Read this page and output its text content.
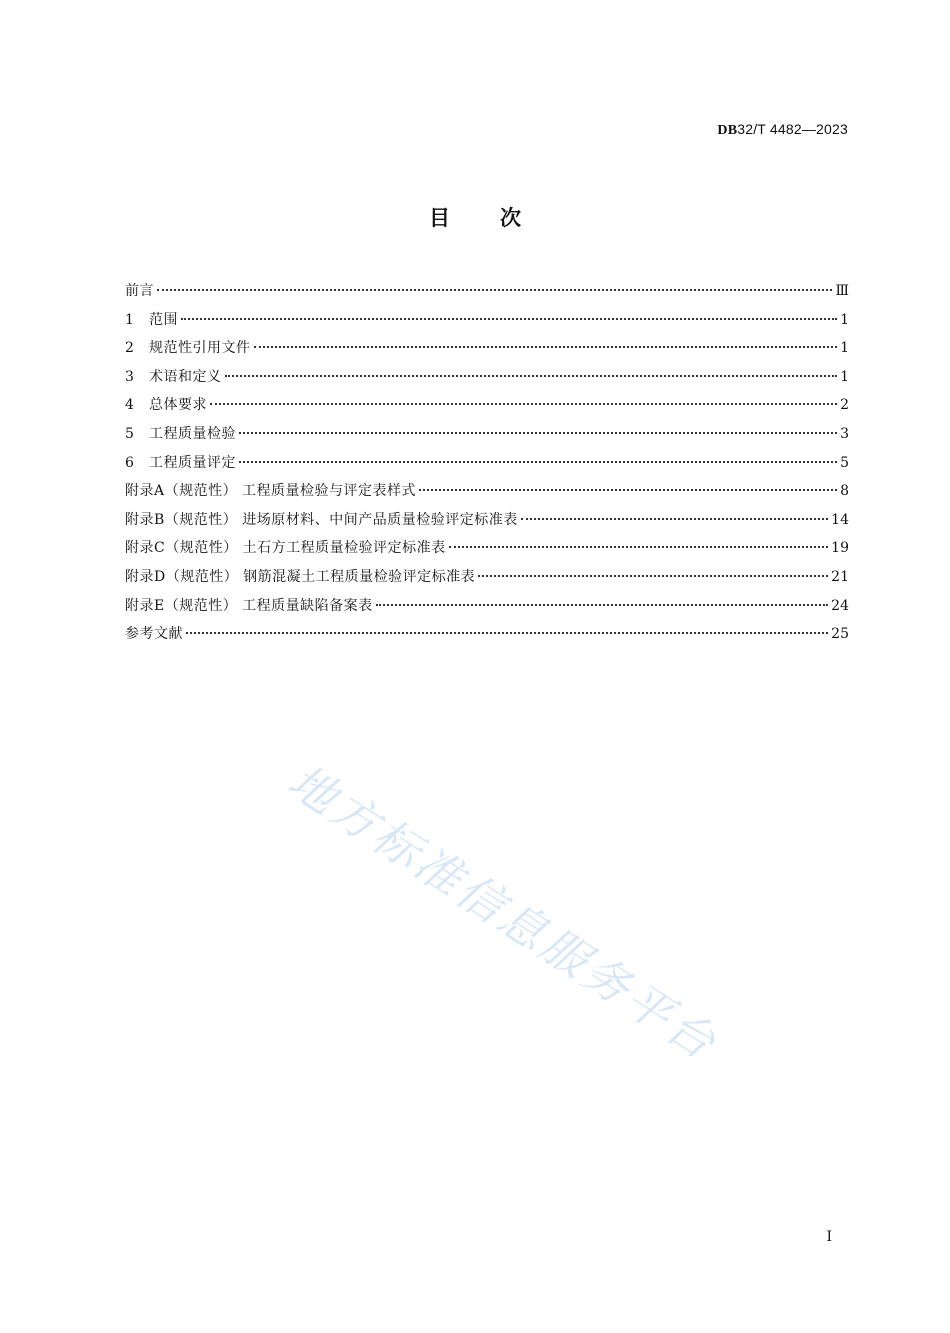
DB32/T 4482—2023
目次
前言	Ⅲ
1	范围	1
2	规范性引用文件	1
3	术语和定义	1
4	总体要求	2
5	工程质量检验	3
6	工程质量评定	5
附录A（规范性） 工程质量检验与评定表样式	8
附录B（规范性） 进场原材料、中间产品质量检验评定标准表	14
附录C（规范性） 土石方工程质量检验评定标准表	19
附录D（规范性） 钢筋混凝土工程质量检验评定标准表	21
附录E（规范性） 工程质量缺陷备案表	24
参考文献	25
地方标准信息服务平台
I
